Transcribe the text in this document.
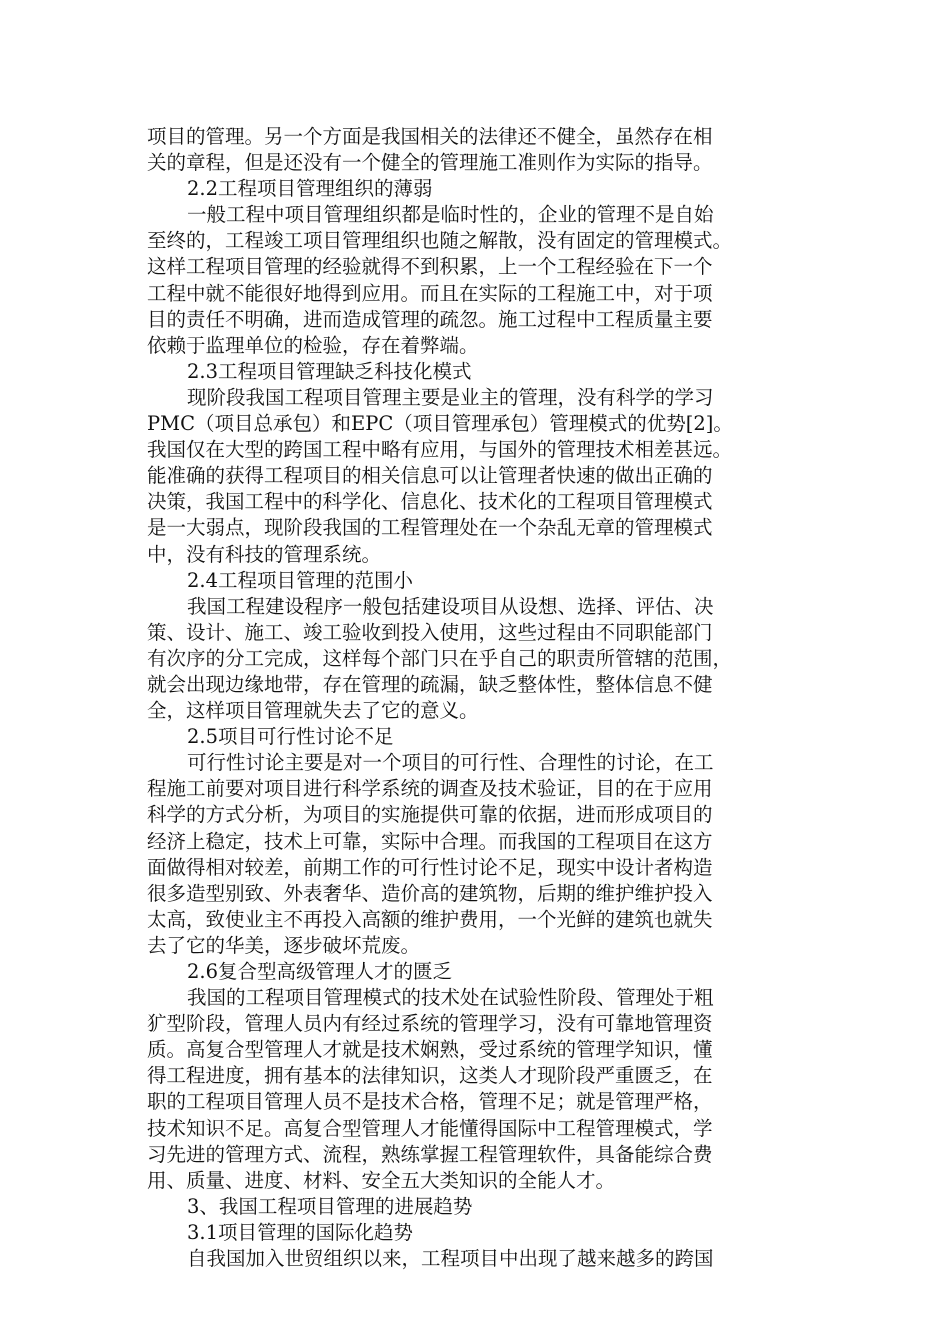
项目的管理。另一个方面是我国相关的法律还不健全，虽然存在相
关的章程，但是还没有一个健全的管理施工准则作为实际的指导。
2.2工程项目管理组织的薄弱
一般工程中项目管理组织都是临时性的，企业的管理不是自始
至终的，工程竣工项目管理组织也随之解散，没有固定的管理模式。
这样工程项目管理的经验就得不到积累，上一个工程经验在下一个
工程中就不能很好地得到应用。而且在实际的工程施工中，对于项
目的责任不明确，进而造成管理的疏忽。施工过程中工程质量主要
依赖于监理单位的检验，存在着弊端。
2.3工程项目管理缺乏科技化模式
现阶段我国工程项目管理主要是业主的管理，没有科学的学习
PMC（项目总承包）和EPC（项目管理承包）管理模式的优势[2]。
我国仅在大型的跨国工程中略有应用，与国外的管理技术相差甚远。
能准确的获得工程项目的相关信息可以让管理者快速的做出正确的
决策，我国工程中的科学化、信息化、技术化的工程项目管理模式
是一大弱点，现阶段我国的工程管理处在一个杂乱无章的管理模式
中，没有科技的管理系统。
2.4工程项目管理的范围小
我国工程建设程序一般包括建设项目从设想、选择、评估、决
策、设计、施工、竣工验收到投入使用，这些过程由不同职能部门
有次序的分工完成，这样每个部门只在乎自己的职责所管辖的范围，
就会出现边缘地带，存在管理的疏漏，缺乏整体性，整体信息不健
全，这样项目管理就失去了它的意义。
2.5项目可行性讨论不足
可行性讨论主要是对一个项目的可行性、合理性的讨论，在工
程施工前要对项目进行科学系统的调查及技术验证，目的在于应用
科学的方式分析，为项目的实施提供可靠的依据，进而形成项目的
经济上稳定，技术上可靠，实际中合理。而我国的工程项目在这方
面做得相对较差，前期工作的可行性讨论不足，现实中设计者构造
很多造型别致、外表奢华、造价高的建筑物，后期的维护维护投入
太高，致使业主不再投入高额的维护费用，一个光鲜的建筑也就失
去了它的华美，逐步破坏荒废。
2.6复合型高级管理人才的匮乏
我国的工程项目管理模式的技术处在试验性阶段、管理处于粗
犷型阶段，管理人员内有经过系统的管理学习，没有可靠地管理资
质。高复合型管理人才就是技术娴熟，受过系统的管理学知识，懂
得工程进度，拥有基本的法律知识，这类人才现阶段严重匮乏，在
职的工程项目管理人员不是技术合格，管理不足；就是管理严格，
技术知识不足。高复合型管理人才能懂得国际中工程管理模式，学
习先进的管理方式、流程，熟练掌握工程管理软件，具备能综合费
用、质量、进度、材料、安全五大类知识的全能人才。
3、我国工程项目管理的进展趋势
3.1项目管理的国际化趋势
自我国加入世贸组织以来，工程项目中出现了越来越多的跨国
